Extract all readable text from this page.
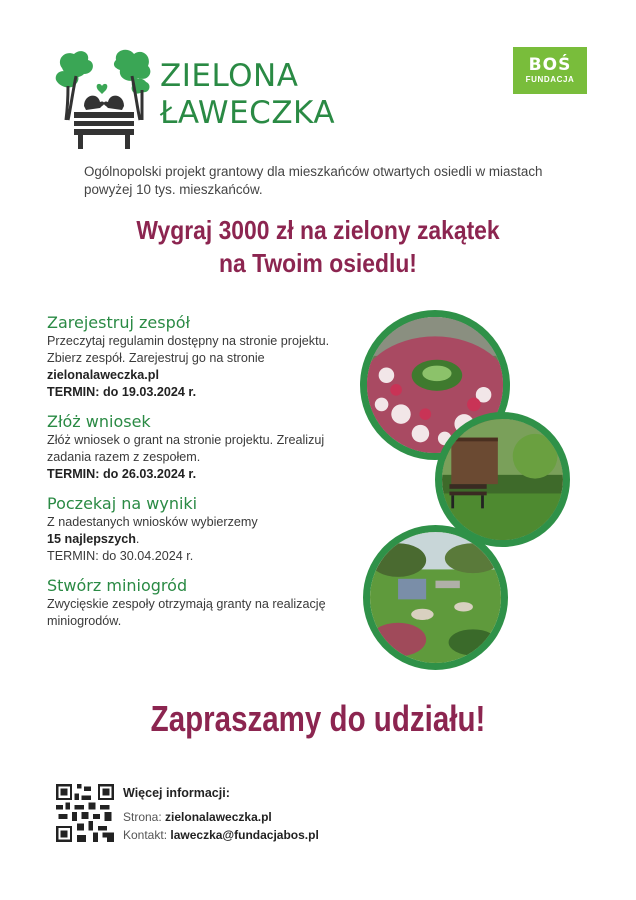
ZIELONA
ŁAWECZKA
BOŚ
FUNDACJA

Ogólnopolski projekt grantowy dla mieszkańców otwartych osiedli w miastach powyżej 10 tys. mieszkańców.

Wygraj 3000 zł na zielony zakątek
na Twoim osiedlu!
Zarejestruj zespół
Przeczytaj regulamin dostępny na stronie projektu. Zbierz zespół. Zarejestruj go na stronie zielonalaweczka.pl
TERMIN: do 19.03.2024 r.
Złóż wniosek
Złóż wniosek o grant na stronie projektu. Zrealizuj zadania razem z zespołem.
TERMIN: do 26.03.2024 r.
Poczekaj na wyniki
Z nadestanych wniosków wybierzemy
15 najlepszych.
TERMIN: do 30.04.2024 r.
Stwórz miniogród
Zwycięskie zespoły otrzymają granty na realizację miniogrodów.
Zapraszamy do udziału!
Więcej informacji:
Strona: zielonalaweczka.pl
Kontakt: laweczka@fundacjabos.pl
